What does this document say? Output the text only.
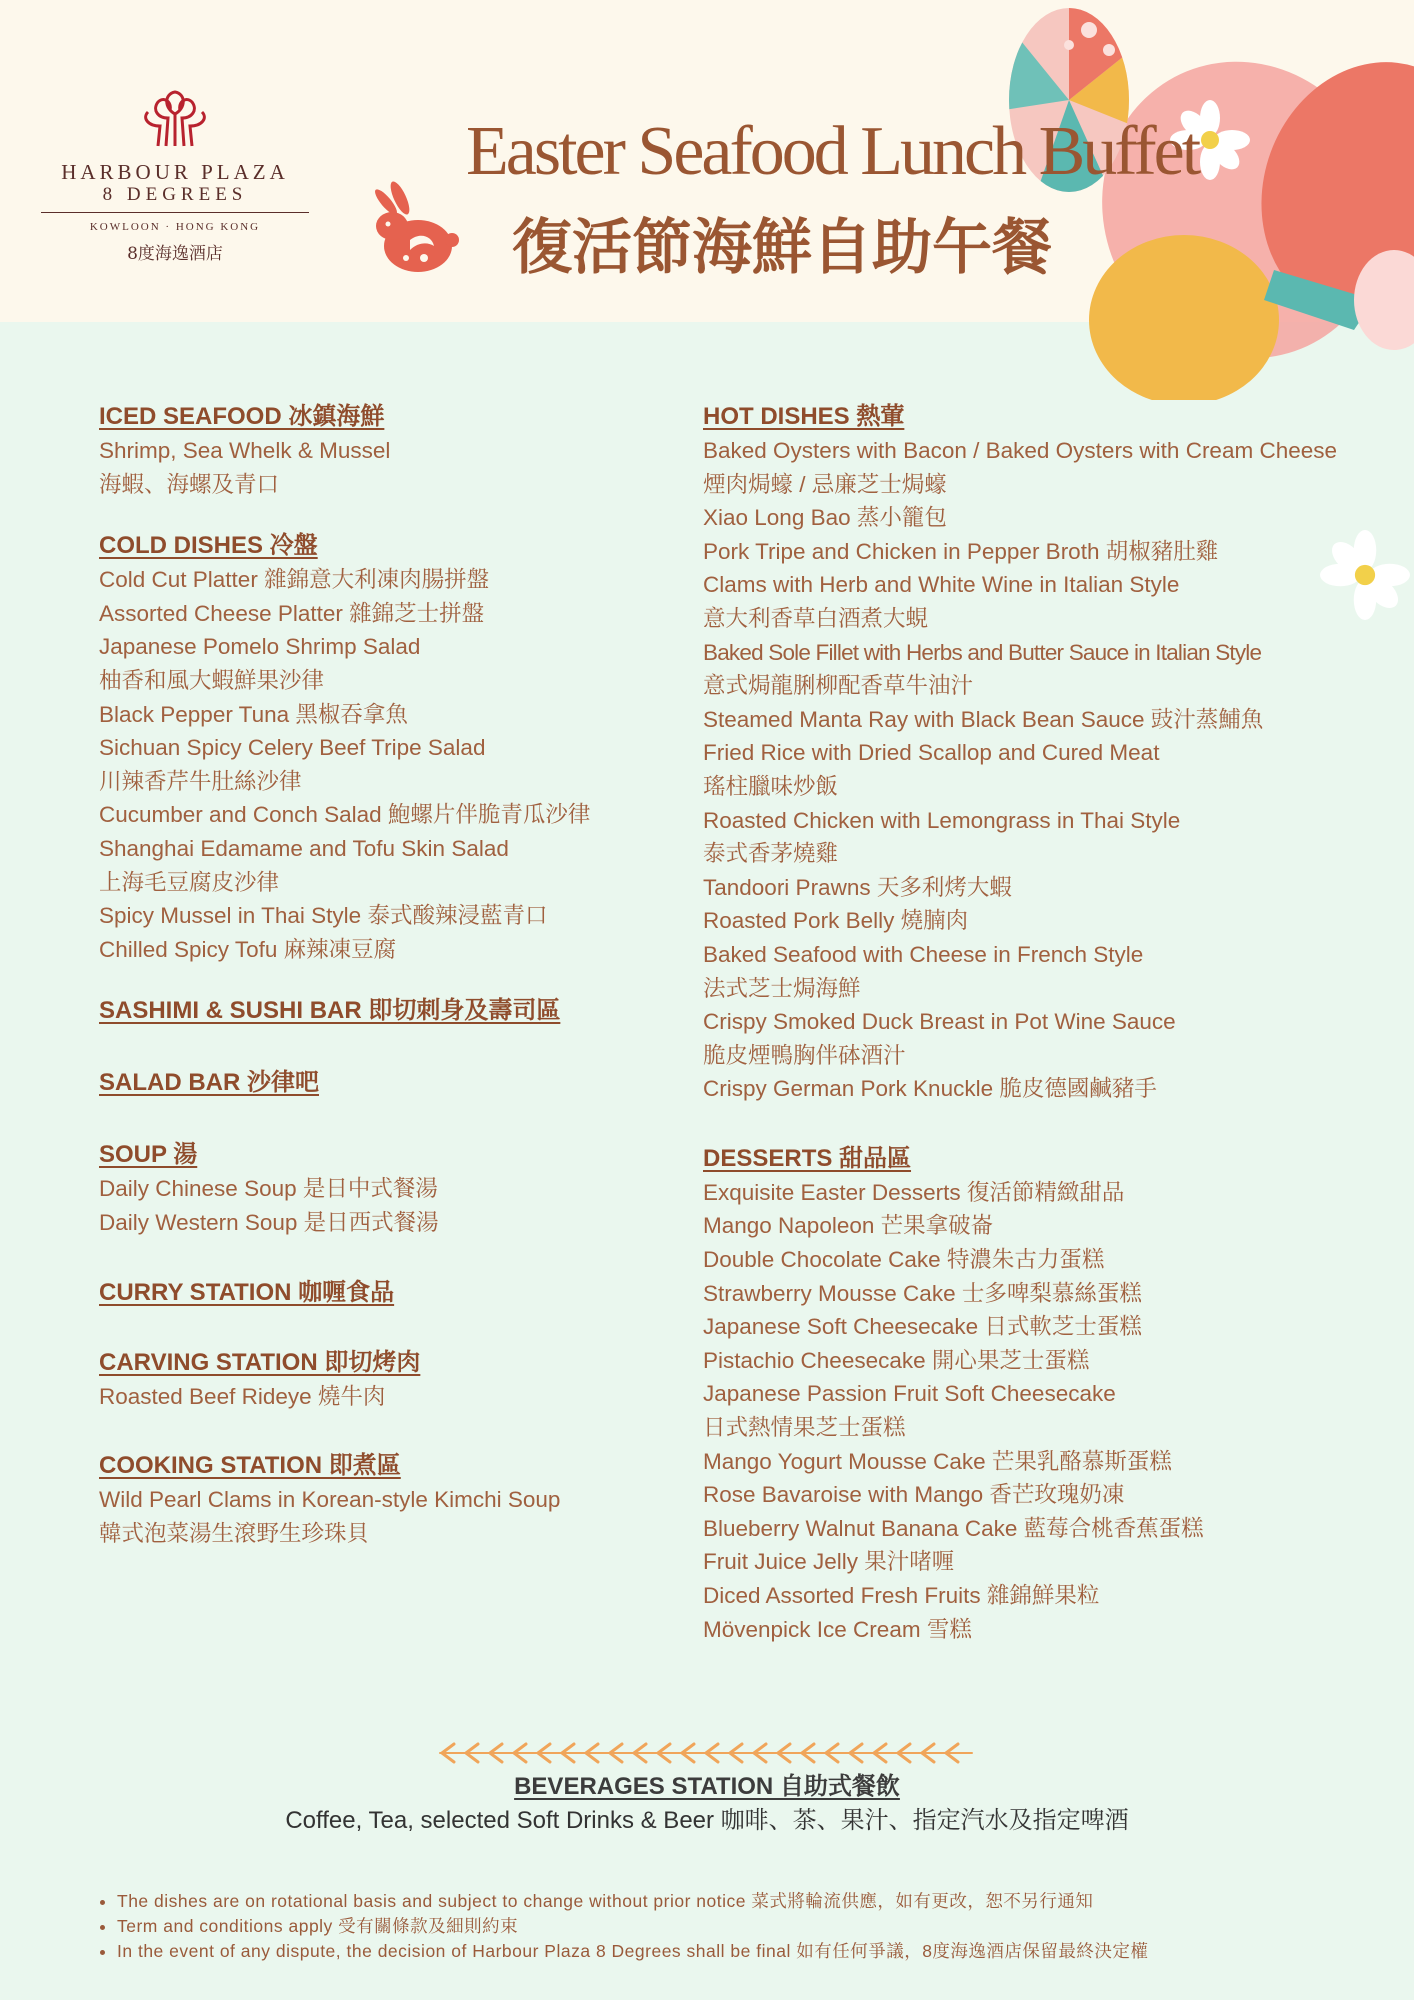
HARBOUR PLAZA
8 DEGREES
KOWLOON · HONG KONG
8度海逸酒店
Easter Seafood Lunch Buffet
復活節海鮮自助午餐
ICED SEAFOOD 冰鎮海鮮
Shrimp, Sea Whelk & Mussel
海蝦、海螺及青口
COLD DISHES 冷盤
Cold Cut Platter 雜錦意大利凍肉腸拼盤
Assorted Cheese Platter 雜錦芝士拼盤
Japanese Pomelo Shrimp Salad
柚香和風大蝦鮮果沙律
Black Pepper Tuna 黑椒吞拿魚
Sichuan Spicy Celery Beef Tripe Salad
川辣香芹牛肚絲沙律
Cucumber and Conch Salad 鮑螺片伴脆青瓜沙律
Shanghai Edamame and Tofu Skin Salad
上海毛豆腐皮沙律
Spicy Mussel in Thai Style 泰式酸辣浸藍青口
Chilled Spicy Tofu 麻辣凍豆腐
SASHIMI & SUSHI BAR 即切刺身及壽司區
SALAD BAR 沙律吧
SOUP 湯
Daily Chinese Soup 是日中式餐湯
Daily Western Soup 是日西式餐湯
CURRY STATION 咖喱食品
CARVING STATION 即切烤肉
Roasted Beef Rideye 燒牛肉
COOKING STATION 即煮區
Wild Pearl Clams in Korean-style Kimchi Soup
韓式泡菜湯生滾野生珍珠貝
HOT DISHES 熱葷
Baked Oysters with Bacon / Baked Oysters with Cream Cheese
煙肉焗蠔 / 忌廉芝士焗蠔
Xiao Long Bao 蒸小籠包
Pork Tripe and Chicken in Pepper Broth 胡椒豬肚雞
Clams with Herb and White Wine in Italian Style
意大利香草白酒煮大蜆
Baked Sole Fillet with Herbs and Butter Sauce in Italian Style
意式焗龍脷柳配香草牛油汁
Steamed Manta Ray with Black Bean Sauce 豉汁蒸鯆魚
Fried Rice with Dried Scallop and Cured Meat
瑤柱臘味炒飯
Roasted Chicken with Lemongrass in Thai Style
泰式香茅燒雞
Tandoori Prawns 天多利烤大蝦
Roasted Pork Belly 燒腩肉
Baked Seafood with Cheese in French Style
法式芝士焗海鮮
Crispy Smoked Duck Breast in Pot Wine Sauce
脆皮煙鴨胸伴砵酒汁
Crispy German Pork Knuckle 脆皮德國鹹豬手
DESSERTS 甜品區
Exquisite Easter Desserts 復活節精緻甜品
Mango Napoleon 芒果拿破崙
Double Chocolate Cake 特濃朱古力蛋糕
Strawberry Mousse Cake 士多啤梨慕絲蛋糕
Japanese Soft Cheesecake 日式軟芝士蛋糕
Pistachio Cheesecake 開心果芝士蛋糕
Japanese Passion Fruit Soft Cheesecake
日式熱情果芝士蛋糕
Mango Yogurt Mousse Cake 芒果乳酪慕斯蛋糕
Rose Bavaroise with Mango 香芒玫瑰奶凍
Blueberry Walnut Banana Cake 藍莓合桃香蕉蛋糕
Fruit Juice Jelly 果汁啫喱
Diced Assorted Fresh Fruits 雜錦鮮果粒
Mövenpick Ice Cream 雪糕
BEVERAGES STATION 自助式餐飲
Coffee, Tea, selected Soft Drinks & Beer 咖啡、茶、果汁、指定汽水及指定啤酒
• The dishes are on rotational basis and subject to change without prior notice 菜式將輪流供應，如有更改，恕不另行通知
• Term and conditions apply 受有關條款及細則約束
• In the event of any dispute, the decision of Harbour Plaza 8 Degrees shall be final 如有任何爭議，8度海逸酒店保留最終決定權
